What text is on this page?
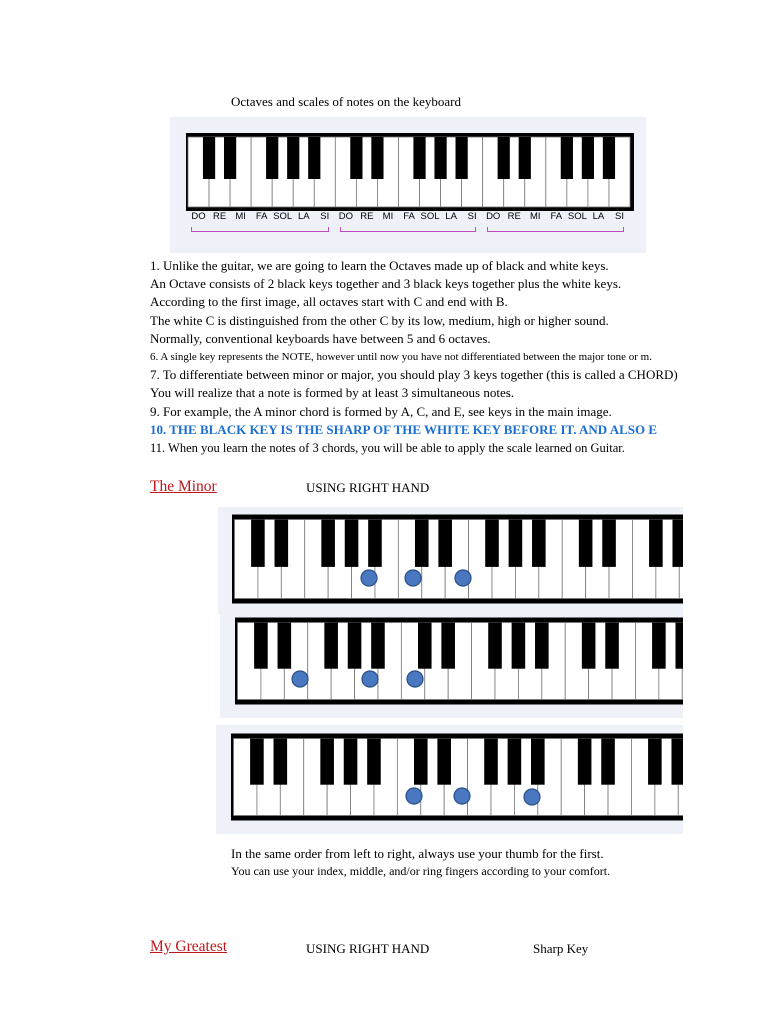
Octaves and scales of notes on the keyboard
DO RE MI FA SOL LA SI DO RE MI FA SOL LA SI DO RE MI FA SOL LA SI
1. Unlike the guitar, we are going to learn the Octaves made up of black and white keys.
An Octave consists of 2 black keys together and 3 black keys together plus the white keys.
According to the first image, all octaves start with C and end with B.
The white C is distinguished from the other C by its low, medium, high or higher sound.
Normally, conventional keyboards have between 5 and 6 octaves.
6. A single key represents the NOTE, however until now you have not differentiated between the major tone or m.
7. To differentiate between minor or major, you should play 3 keys together (this is called a CHORD)
You will realize that a note is formed by at least 3 simultaneous notes.
9. For example, the A minor chord is formed by A, C, and E, see keys in the main image.
10. THE BLACK KEY IS THE SHARP OF THE WHITE KEY BEFORE IT. AND ALSO E
11. When you learn the notes of 3 chords, you will be able to apply the scale learned on Guitar.
The Minor	USING RIGHT HAND
In the same order from left to right, always use your thumb for the first.
You can use your index, middle, and/or ring fingers according to your comfort.
My Greatest	USING RIGHT HAND	Sharp Key
